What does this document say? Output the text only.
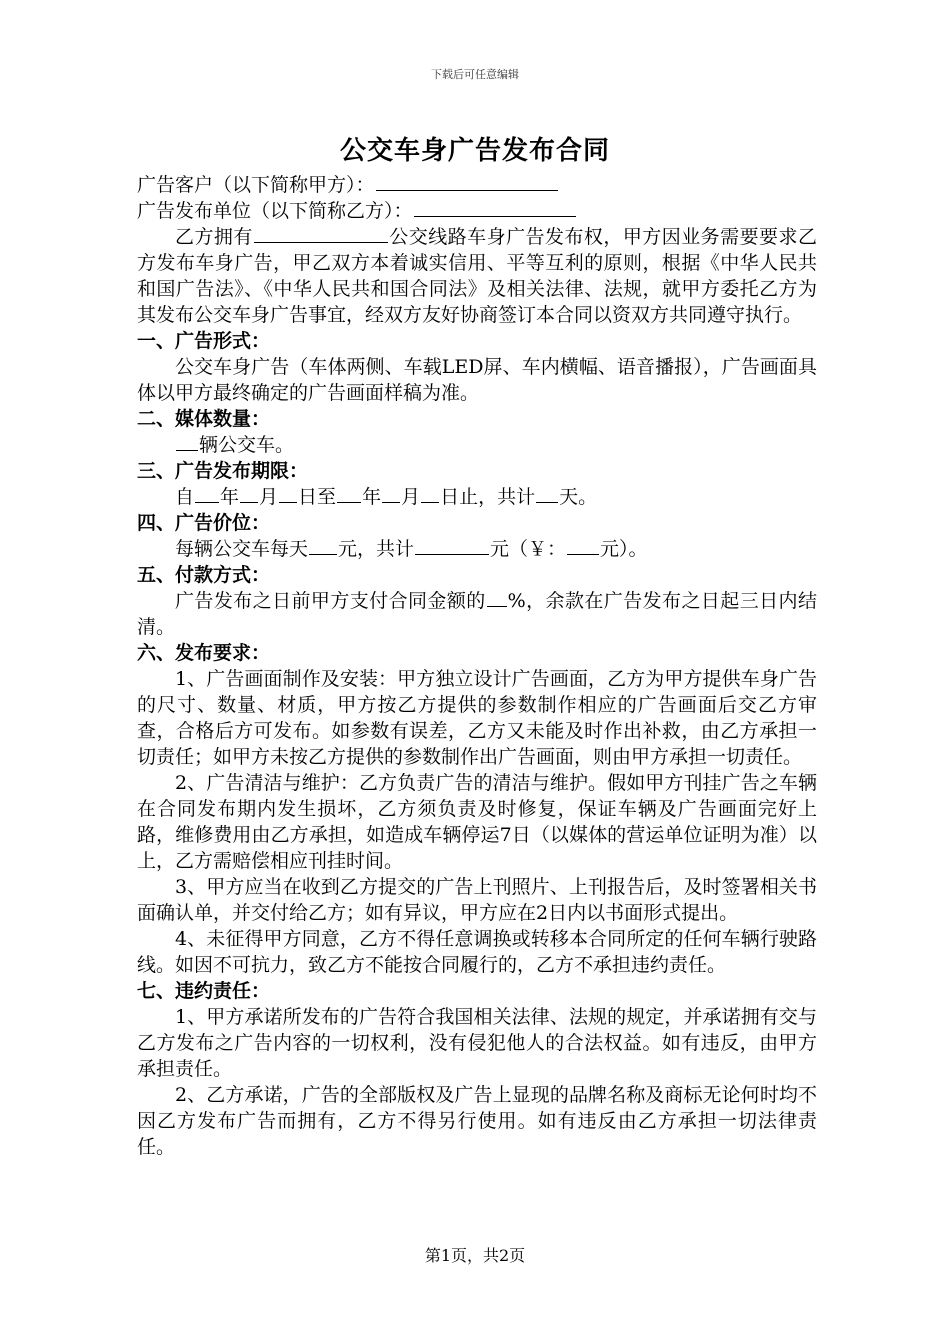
下载后可任意编辑
公交车身广告发布合同
广告客户（以下简称甲方）：
广告发布单位（以下简称乙方）：

乙方拥有	公交线路车身广告发布权，甲方因业务需要要求乙方发布车身广告，甲乙双方本着诚实信用、平等互利的原则，根据《中华人民共和国广告法》、《中华人民共和国合同法》及相关法律、法规，就甲方委托乙方为其发布公交车身广告事宜，经双方友好协商签订本合同以资双方共同遵守执行。

一、广告形式：

公交车身广告（车体两侧、车载LED屏、车内横幅、语音播报），广告画面具体以甲方最终确定的广告画面样稿为准。

二、媒体数量：

辆公交车。

三、广告发布期限：

自 年 月 日至 年 月 日止，共计 天。

四、广告价位：

每辆公交车每天 元，共计	元（￥： 元）。

五、付款方式：

广告发布之日前甲方支付合同金额的 %，余款在广告发布之日起三日内结清。

六、发布要求：

1、广告画面制作及安装：甲方独立设计广告画面，乙方为甲方提供车身广告的尺寸、数量、材质，甲方按乙方提供的参数制作相应的广告画面后交乙方审查，合格后方可发布。如参数有误差，乙方又未能及时作出补救，由乙方承担一切责任；如甲方未按乙方提供的参数制作出广告画面，则由甲方承担一切责任。

2、广告清洁与维护：乙方负责广告的清洁与维护。假如甲方刊挂广告之车辆在合同发布期内发生损坏，乙方须负责及时修复，保证车辆及广告画面完好上路，维修费用由乙方承担，如造成车辆停运7日（以媒体的营运单位证明为准）以上，乙方需赔偿相应刊挂时间。

3、甲方应当在收到乙方提交的广告上刊照片、上刊报告后，及时签署相关书面确认单，并交付给乙方；如有异议，甲方应在2日内以书面形式提出。

4、未征得甲方同意，乙方不得任意调换或转移本合同所定的任何车辆行驶路线。如因不可抗力，致乙方不能按合同履行的，乙方不承担违约责任。

七、违约责任：

1、甲方承诺所发布的广告符合我国相关法律、法规的规定，并承诺拥有交与乙方发布之广告内容的一切权利，没有侵犯他人的合法权益。如有违反，由甲方承担责任。

2、乙方承诺，广告的全部版权及广告上显现的品牌名称及商标无论何时均不因乙方发布广告而拥有，乙方不得另行使用。如有违反由乙方承担一切法律责任。

第1页，共2页
